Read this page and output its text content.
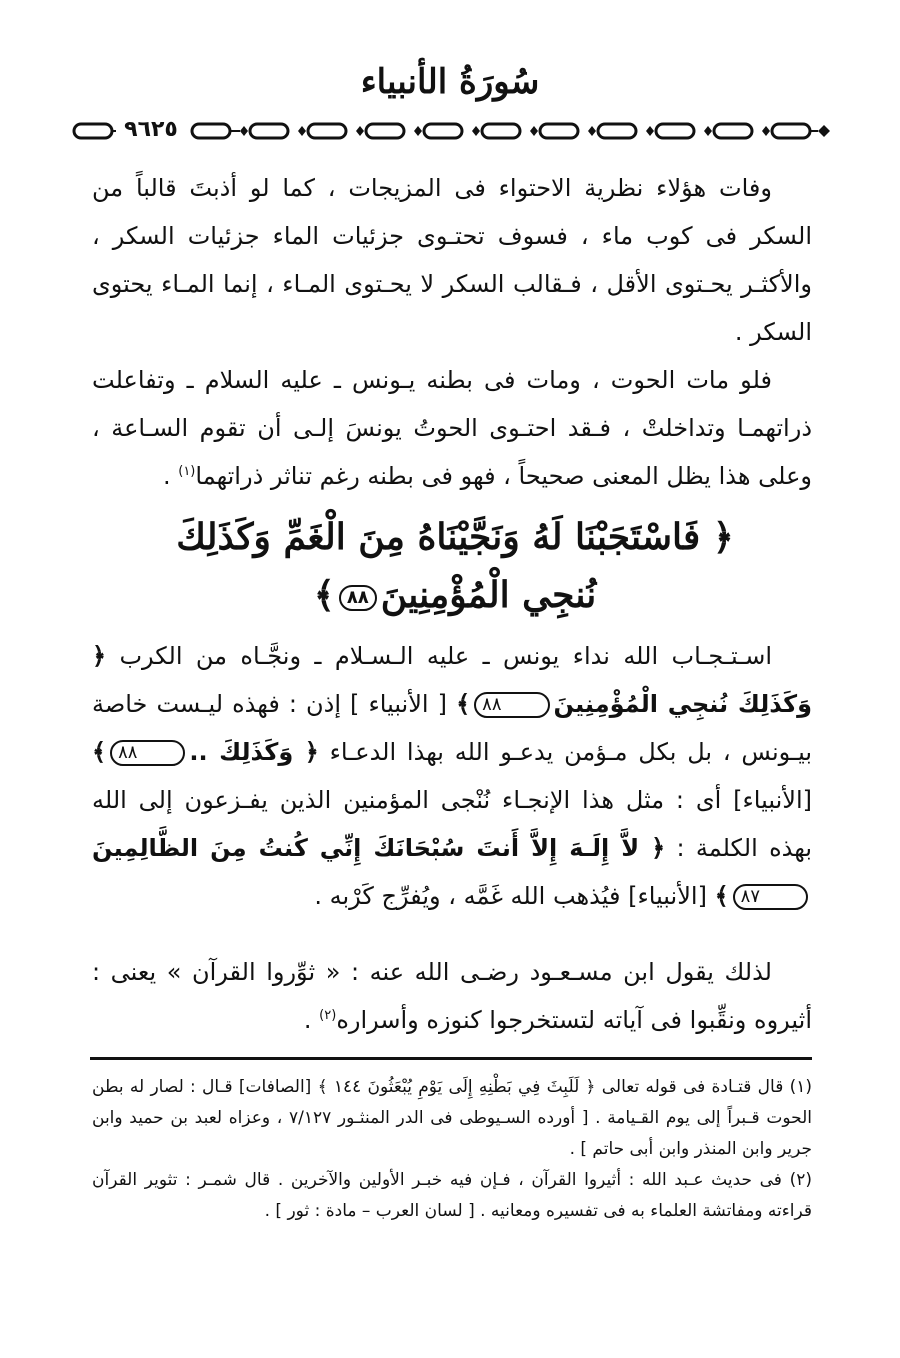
سُورَةُ الأنبياء
٩٦٢٥

وفات هؤلاء نظرية الاحتواء فى المزيجات ، كما لو أذبتَ قالباً من السكر فى كوب ماء ، فسوف تحتـوى جزئيات الماء جزئيات السكر ، والأكثـر يحـتوى الأقل ، فـقالب السكر لا يحـتوى المـاء ، إنما المـاء يحتوى السكر .

فلو مات الحوت ، ومات فى بطنه يـونس ـ عليه السلام ـ وتفاعلت ذراتهمـا وتداخلتْ ، فـقد احتـوى الحوتُ يونسَ إلـى أن تقوم السـاعة ، وعلى هذا يظل المعنى صحيحاً ، فهو فى بطنه رغم تناثر ذراتهما$^{(١)}$ .

﴿ فَاسْتَجَبْنَا لَهُ وَنَجَّيْنَاهُ مِنَ الْغَمِّ وَكَذَلِكَ
نُنجِي الْمُؤْمِنِينَ٨٨﴾

اسـتـجـاب الله نداء يونس ـ عليه الـسـلام ـ ونجَّـاه من الكرب ﴿ وَكَذَلِكَ نُنجِي الْمُؤْمِنِينَ٨٨﴾ [ الأنبياء ] إذن : فهذه ليـست خاصة بيـونس ، بل بكل مـؤمن يدعـو الله بهذا الدعـاء ﴿ وَكَذَلِكَ ..٨٨﴾ [الأنبياء] أى : مثل هذا الإنجـاء نُنْجى المؤمنين الذين يفـزعون إلى الله بهذه الكلمة : ﴿ لاَّ إِلَـهَ إِلاَّ أَنتَ سُبْحَانَكَ إِنِّي كُنتُ مِنَ الظَّالِمِينَ٨٧﴾ [الأنبياء] فيُذهب الله غَمَّه ، ويُفرِّج كَرْبه .

لذلك يقول ابن مسـعـود رضـى الله عنه : « ثوِّروا القرآن » يعنى : أثيروه ونقِّبوا فى آياته لتستخرجوا كنوزه وأسراره$^{(٢)}$ .

(١) قال قتـادة فى قوله تعالى ﴿ لَلَبِثَ فِي بَطْنِهِ إِلَى يَوْمِ يُبْعَثُونَ ١٤٤ ﴾ [الصافات] قـال : لصار له بطن الحوت قـبراً إلى يوم القـيامة . [ أورده السـيوطى فى الدر المنثـور ٧/١٢٧ ، وعزاه لعبد بن حميد وابن جرير وابن المنذر وابن أبى حاتم ] .

(٢) فى حديث عـبد الله : أثيروا القرآن ، فـإن فيه خبـر الأولين والآخرين . قال شمـر : تثوير القرآن قراءته ومفاتشة العلماء به فى تفسيره ومعانيه . [ لسان العرب – مادة : ثور ] .
